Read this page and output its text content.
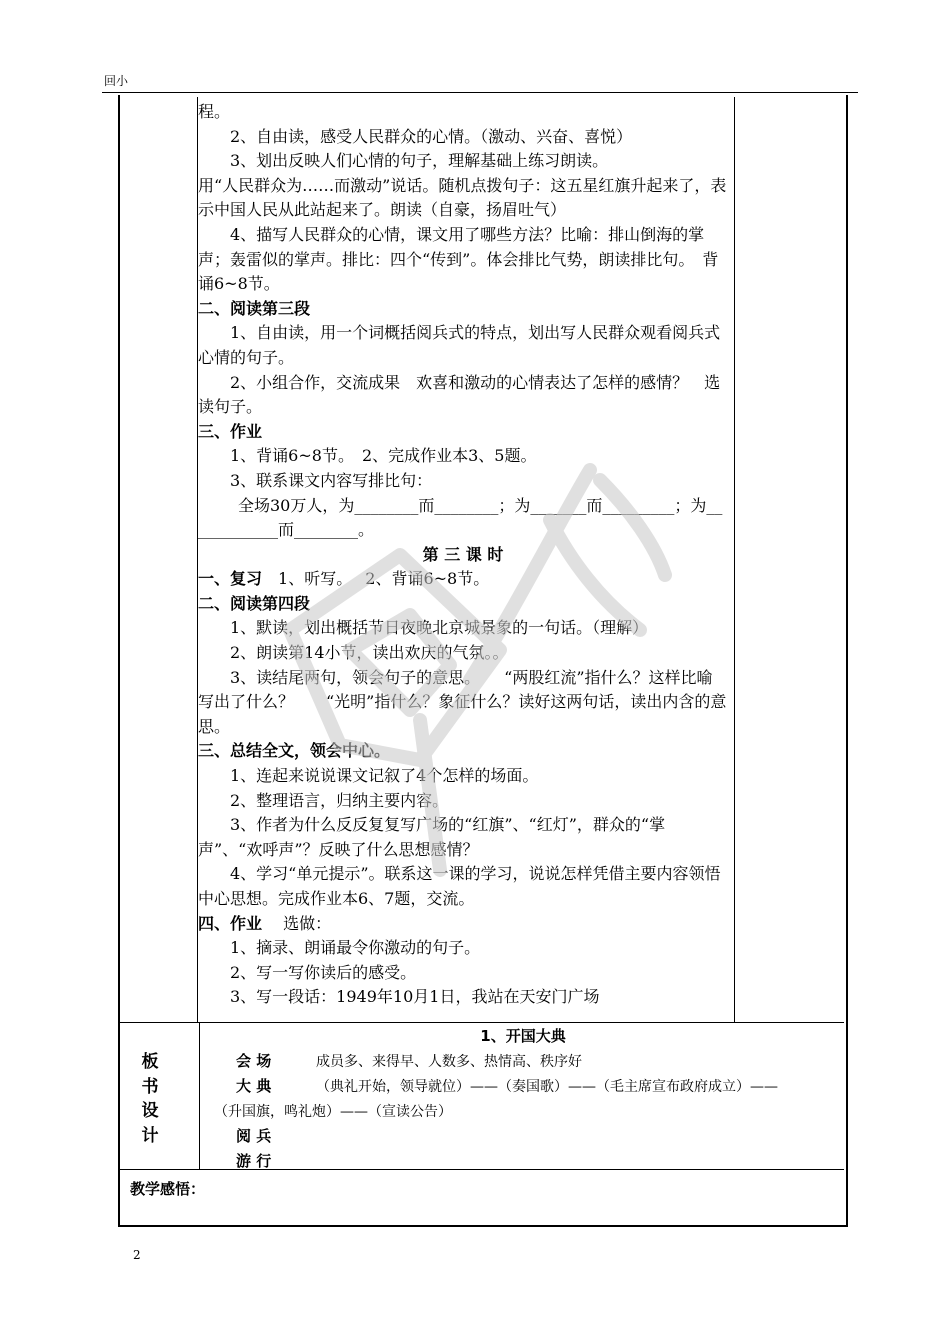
回小

程。

2、自由读，感受人民群众的心情。（激动、兴奋、喜悦）

3、划出反映人们心情的句子，理解基础上练习朗读。

用“人民群众为……而激动”说话。随机点拨句子：这五星红旗升起来了，表示中国人民从此站起来了。朗读（自豪，扬眉吐气）

4、描写人民群众的心情，课文用了哪些方法？比喻：排山倒海的掌声；轰雷似的掌声。排比：四个“传到”。体会排比气势，朗读排比句。　背诵6~8节。

二、阅读第三段

1、自由读，用一个词概括阅兵式的特点，划出写人民群众观看阅兵式心情的句子。

2、小组合作，交流成果　欢喜和激动的心情表达了怎样的感情？　选读句子。

三、作业

1、背诵6~8节。　2、完成作业本3、5题。

3、联系课文内容写排比句：

全场30万人，为________而________；为_______而_________；为____________而________。

第 三 课 时

一、复习　1、听写。　 2、背诵6~8节。

二、阅读第四段

1、默读，划出概括节日夜晚北京城景象的一句话。（理解）

2、朗读第14小节，读出欢庆的气氛。。

3、读结尾两句，领会句子的意思。　　“两股红流”指什么？这样比喻写出了什么？　　“光明”指什么？象征什么？读好这两句话，读出内含的意思。

三、总结全文，领会中心。

1、连起来说说课文记叙了4个怎样的场面。

2、整理语言，归纳主要内容。

3、作者为什么反反复复写广场的“红旗”、“红灯”，群众的“掌声”、“欢呼声”？反映了什么思想感情？

4、学习“单元提示”。联系这一课的学习，说说怎样凭借主要内容领悟中心思想。完成作业本6、7题，交流。

四、作业　 选做：

1、摘录、朗诵最令你激动的句子。

2、写一写你读后的感受。

3、写一段话：1949年10月1日，我站在天安门广场

板
书
设
计

1、开国大典

会 场	成员多、来得早、人数多、热情高、秩序好

大 典	（典礼开始，领导就位）——（奏国歌）——（毛主席宣布政府成立）——

（升国旗，鸣礼炮）——（宣读公告）

阅 兵

游 行

教学感悟：
2
